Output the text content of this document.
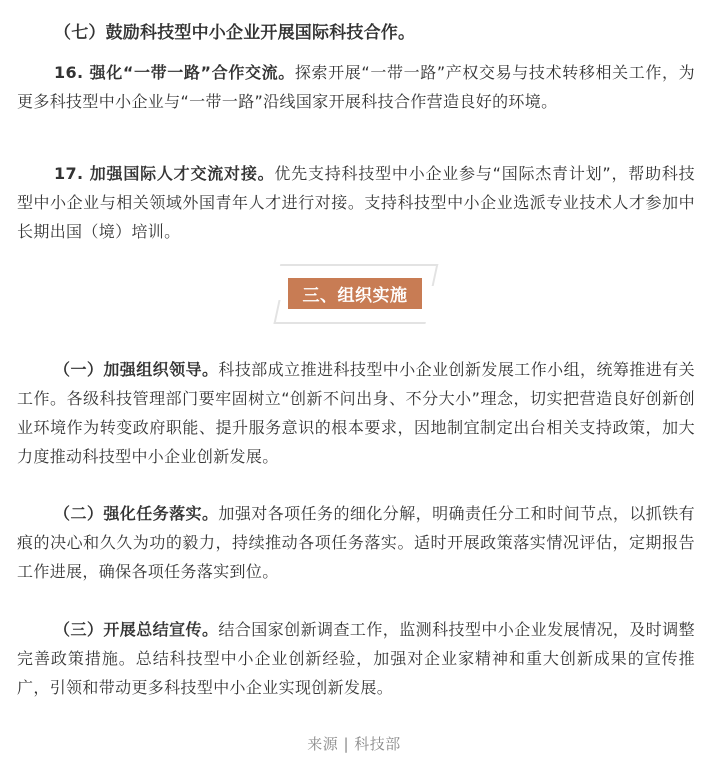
（七）鼓励科技型中小企业开展国际科技合作。

16. 强化“一带一路”合作交流。探索开展“一带一路”产权交易与技术转移相关工作，为更多科技型中小企业与“一带一路”沿线国家开展科技合作营造良好的环境。

17. 加强国际人才交流对接。优先支持科技型中小企业参与“国际杰青计划”，帮助科技型中小企业与相关领域外国青年人才进行对接。支持科技型中小企业选派专业技术人才参加中长期出国（境）培训。

三、组织实施

（一）加强组织领导。科技部成立推进科技型中小企业创新发展工作小组，统筹推进有关工作。各级科技管理部门要牢固树立“创新不问出身、不分大小”理念，切实把营造良好创新创业环境作为转变政府职能、提升服务意识的根本要求，因地制宜制定出台相关支持政策，加大力度推动科技型中小企业创新发展。

（二）强化任务落实。加强对各项任务的细化分解，明确责任分工和时间节点，以抓铁有痕的决心和久久为功的毅力，持续推动各项任务落实。适时开展政策落实情况评估，定期报告工作进展，确保各项任务落实到位。

（三）开展总结宣传。结合国家创新调查工作，监测科技型中小企业发展情况，及时调整完善政策措施。总结科技型中小企业创新经验，加强对企业家精神和重大创新成果的宣传推广，引领和带动更多科技型中小企业实现创新发展。

来源 | 科技部
